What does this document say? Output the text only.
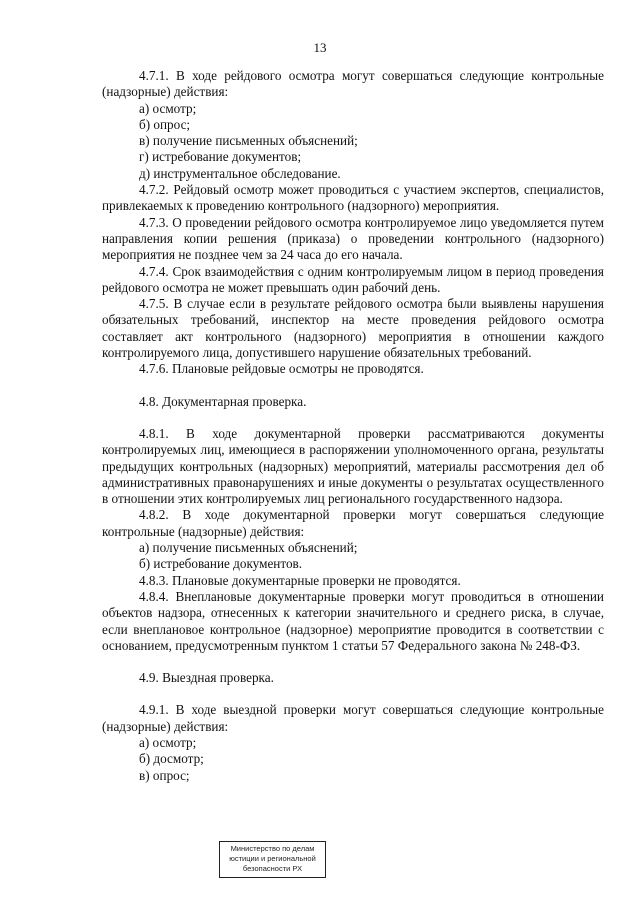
13

4.7.1. В ходе рейдового осмотра могут совершаться следующие контрольные (надзорные) действия:

а) осмотр;

б) опрос;

в) получение письменных объяснений;

г) истребование документов;

д) инструментальное обследование.

4.7.2. Рейдовый осмотр может проводиться с участием экспертов, специалистов, привлекаемых к проведению контрольного (надзорного) мероприятия.

4.7.3. О проведении рейдового осмотра контролируемое лицо уведомляется путем направления копии решения (приказа) о проведении контрольного (надзорного) мероприятия не позднее чем за 24 часа до его начала.

4.7.4. Срок взаимодействия с одним контролируемым лицом в период проведения рейдового осмотра не может превышать один рабочий день.

4.7.5. В случае если в результате рейдового осмотра были выявлены нарушения обязательных требований, инспектор на месте проведения рейдового осмотра составляет акт контрольного (надзорного) мероприятия в отношении каждого контролируемого лица, допустившего нарушение обязательных требований.

4.7.6. Плановые рейдовые осмотры не проводятся.

4.8. Документарная проверка.

4.8.1. В ходе документарной проверки рассматриваются документы контролируемых лиц, имеющиеся в распоряжении уполномоченного органа, результаты предыдущих контрольных (надзорных) мероприятий, материалы рассмотрения дел об административных правонарушениях и иные документы о результатах осуществленного в отношении этих контролируемых лиц регионального государственного надзора.

4.8.2. В ходе документарной проверки могут совершаться следующие контрольные (надзорные) действия:

а) получение письменных объяснений;

б) истребование документов.

4.8.3. Плановые документарные проверки не проводятся.

4.8.4. Внеплановые документарные проверки могут проводиться в отношении объектов надзора, отнесенных к категории значительного и среднего риска, в случае, если внеплановое контрольное (надзорное) мероприятие проводится в соответствии с основанием, предусмотренным пунктом 1 статьи 57 Федерального закона № 248-ФЗ.

4.9. Выездная проверка.

4.9.1. В ходе выездной проверки могут совершаться следующие контрольные (надзорные) действия:

а) осмотр;

б) досмотр;

в) опрос;

Министерство по делам
юстиции и региональной
безопасности РХ
